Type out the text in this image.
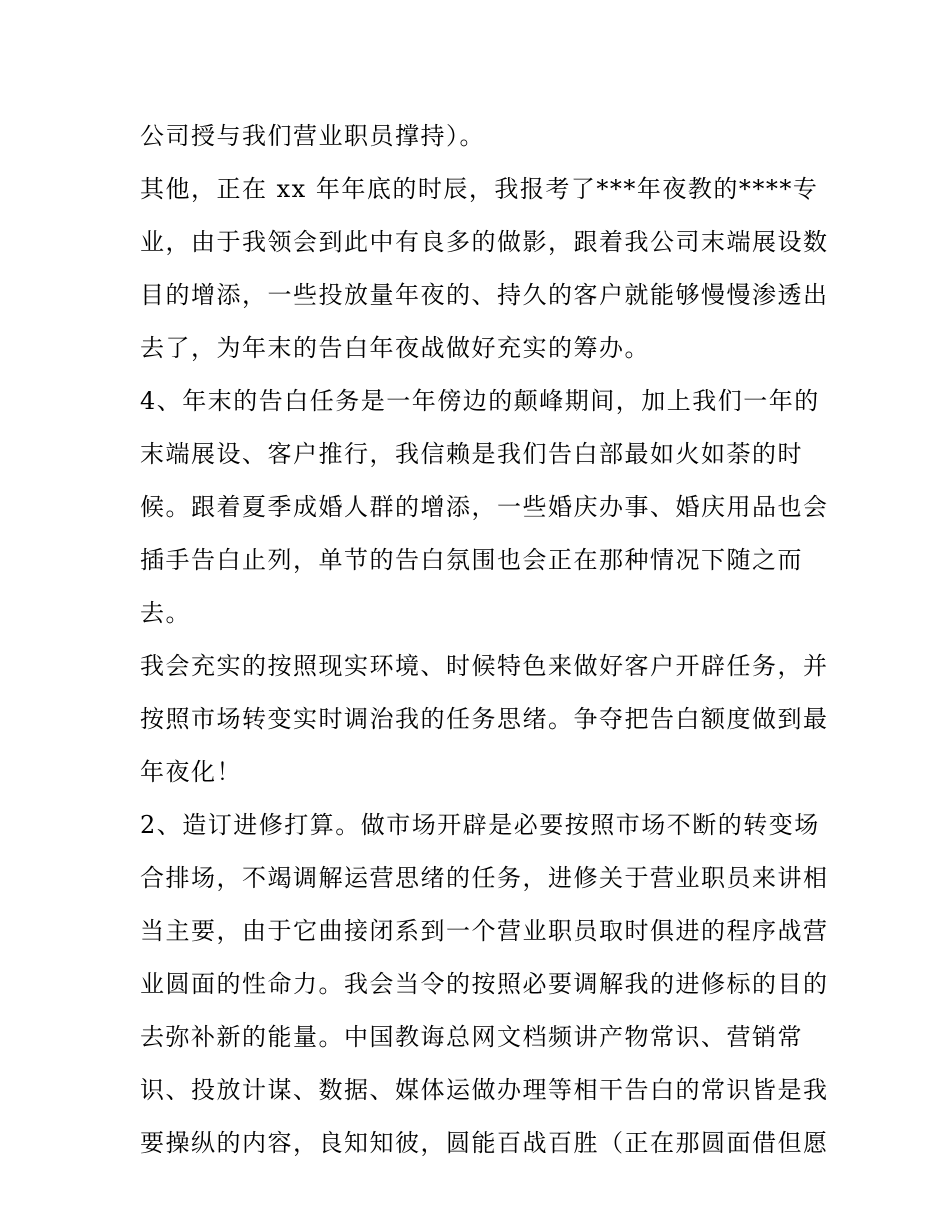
公司授与我们营业职员撑持）。
其他，正在 xx 年年底的时辰，我报考了***年夜教的****专
业，由于我领会到此中有良多的做影，跟着我公司末端展设数
目的增添，一些投放量年夜的、持久的客户就能够慢慢渗透出
去了，为年末的告白年夜战做好充实的筹办。
4、年末的告白任务是一年傍边的颠峰期间，加上我们一年的
末端展设、客户推行，我信赖是我们告白部最如火如荼的时
候。跟着夏季成婚人群的增添，一些婚庆办事、婚庆用品也会
插手告白止列，单节的告白氛围也会正在那种情况下随之而
去。
我会充实的按照现实环境、时候特色来做好客户开辟任务，并
按照市场转变实时调治我的任务思绪。争夺把告白额度做到最
年夜化！
2、造订进修打算。做市场开辟是必要按照市场不断的转变场
合排场，不竭调解运营思绪的任务，进修关于营业职员来讲相
当主要，由于它曲接闭系到一个营业职员取时俱进的程序战营
业圆面的性命力。我会当令的按照必要调解我的进修标的目的
去弥补新的能量。中国教诲总网文档频讲产物常识、营销常
识、投放计谋、数据、媒体运做办理等相干告白的常识皆是我
要操纵的内容，良知知彼，圆能百战百胜（正在那圆面借但愿
